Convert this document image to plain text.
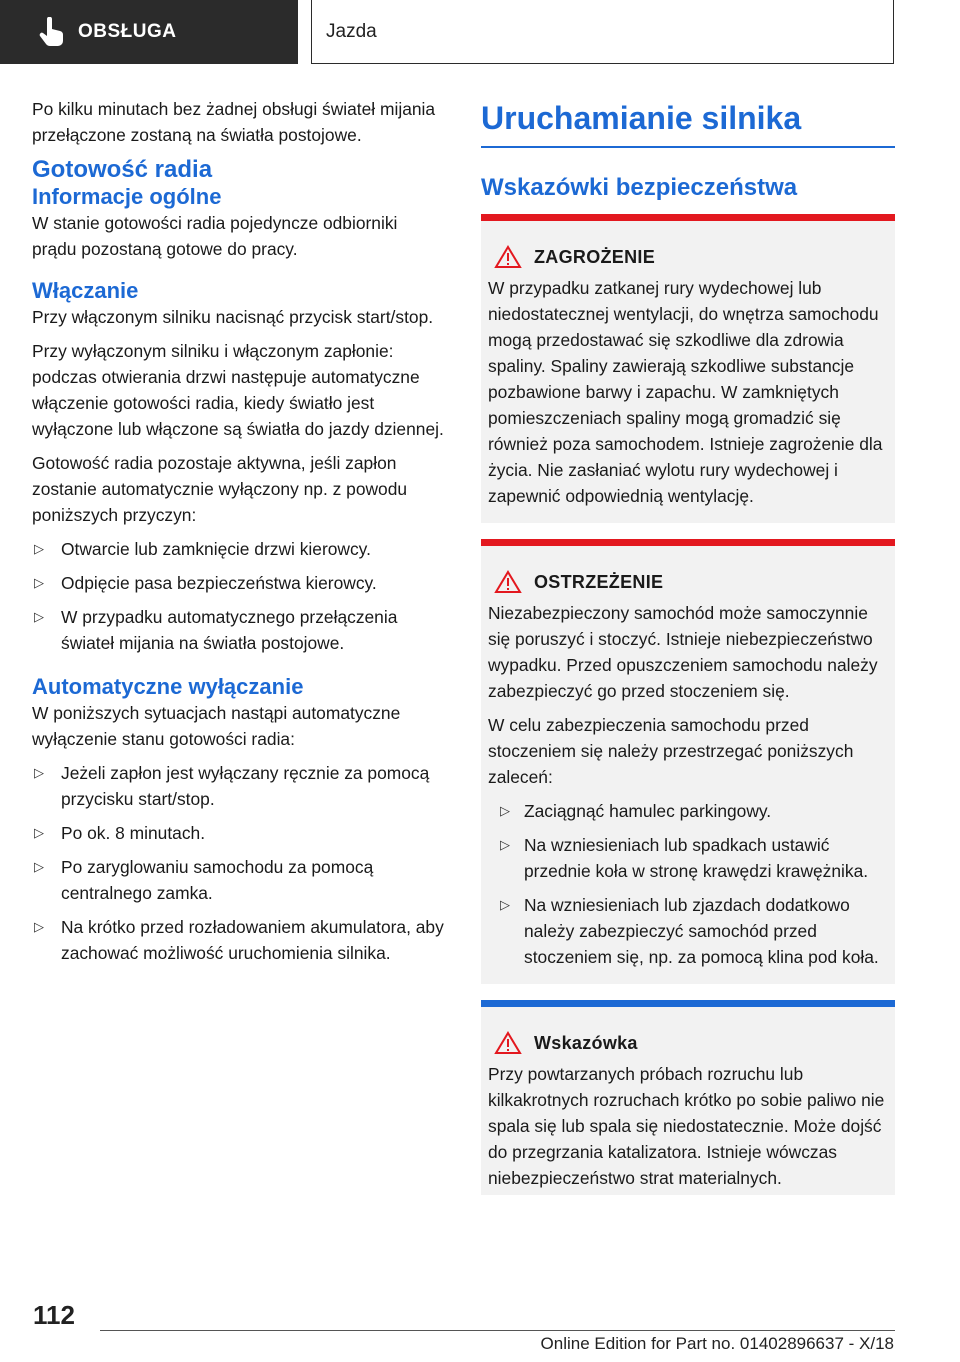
OBSŁUGA	Jazda

Po kilku minutach bez żadnej obsługi świateł mijania przełączone zostaną na światła postojowe.

Gotowość radia
Informacje ogólne

W stanie gotowości radia pojedyncze odbiorniki prądu pozostaną gotowe do pracy.

Włączanie

Przy włączonym silniku nacisnąć przycisk start/stop.

Przy wyłączonym silniku i włączonym zapłonie: podczas otwierania drzwi następuje automatyczne włączenie gotowości radia, kiedy światło jest wyłączone lub włączone są światła do jazdy dziennej.

Gotowość radia pozostaje aktywna, jeśli zapłon zostanie automatycznie wyłączony np. z powodu poniższych przyczyn:

▷ Otwarcie lub zamknięcie drzwi kierowcy.
▷ Odpięcie pasa bezpieczeństwa kierowcy.
▷ W przypadku automatycznego przełączenia świateł mijania na światła postojowe.
Automatyczne wyłączanie

W poniższych sytuacjach nastąpi automatyczne wyłączenie stanu gotowości radia:

▷ Jeżeli zapłon jest wyłączany ręcznie za pomocą przycisku start/stop.
▷ Po ok. 8 minutach.
▷ Po zaryglowaniu samochodu za pomocą centralnego zamka.
▷ Na krótko przed rozładowaniem akumulatora, aby zachować możliwość uruchomienia silnika.
Uruchamianie silnika
Wskazówki bezpieczeństwa
ZAGROŻENIE

W przypadku zatkanej rury wydechowej lub niedostatecznej wentylacji, do wnętrza samochodu mogą przedostawać się szkodliwe dla zdrowia spaliny. Spaliny zawierają szkodliwe substancje pozbawione barwy i zapachu. W zamkniętych pomieszczeniach spaliny mogą gromadzić się również poza samochodem. Istnieje zagrożenie dla życia. Nie zasłaniać wylotu rury wydechowej i zapewnić odpowiednią wentylację.

OSTRZEŻENIE

Niezabezpieczony samochód może samoczynnie się poruszyć i stoczyć. Istnieje niebezpieczeństwo wypadku. Przed opuszczeniem samochodu należy zabezpieczyć go przed stoczeniem się.

W celu zabezpieczenia samochodu przed stoczeniem się należy przestrzegać poniższych zaleceń:

▷ Zaciągnąć hamulec parkingowy.
▷ Na wzniesieniach lub spadkach ustawić przednie koła w stronę krawędzi krawężnika.
▷ Na wzniesieniach lub zjazdach dodatkowo należy zabezpieczyć samochód przed stoczeniem się, np. za pomocą klina pod koła.
Wskazówka

Przy powtarzanych próbach rozruchu lub kilkakrotnych rozruchach krótko po sobie paliwo nie spala się lub spala się niedostatecznie. Może dojść do przegrzania katalizatora. Istnieje wówczas niebezpieczeństwo strat materialnych.

112
Online Edition for Part no. 01402896637 - X/18
